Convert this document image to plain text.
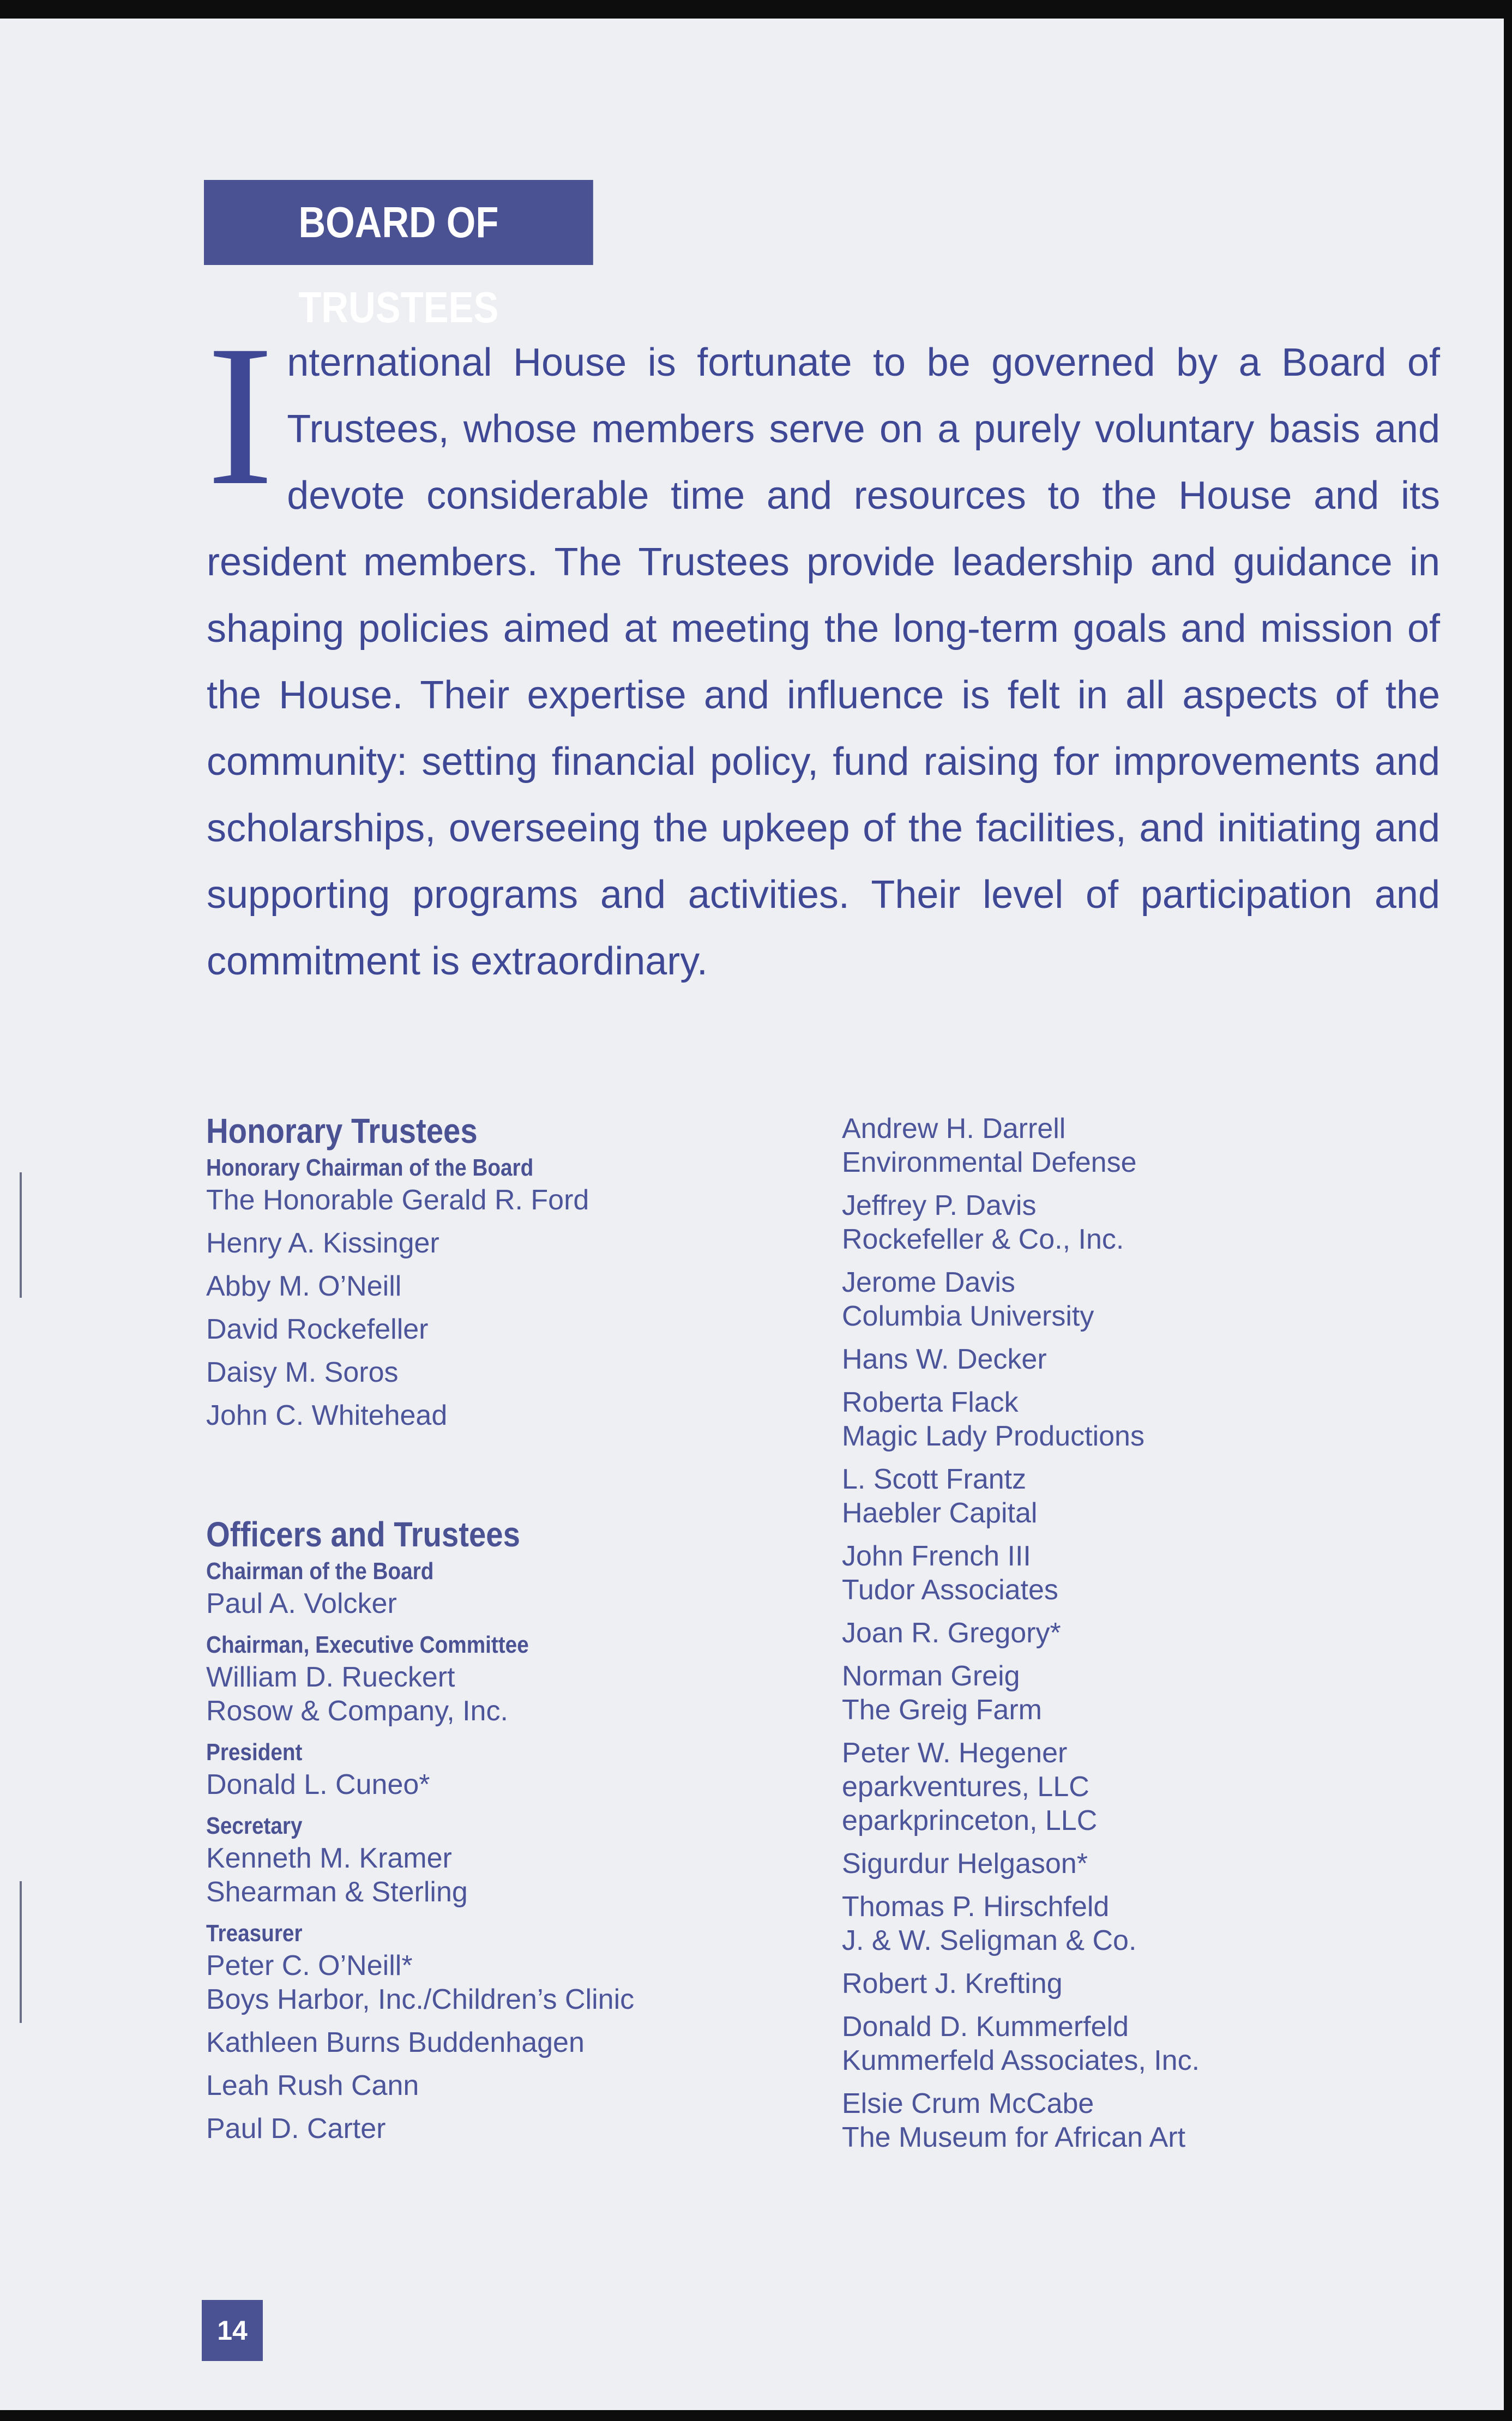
BOARD OF TRUSTEES
I nternational House is fortunate to be governed by a Board of Trustees, whose members serve on a purely voluntary basis and devote considerable time and resources to the House and its resident members. The Trustees provide leadership and guidance in shaping policies aimed at meeting the long-term goals and mission of the House. Their expertise and influence is felt in all aspects of the community: setting financial policy, fund raising for improvements and scholarships, overseeing the upkeep of the facilities, and initiating and supporting programs and activities. Their level of participation and commitment is extraordinary.
Honorary Trustees
Honorary Chairman of the Board
The Honorable Gerald R. Ford
Henry A. Kissinger
Abby M. O’Neill
David Rockefeller
Daisy M. Soros
John C. Whitehead
Officers and Trustees
Chairman of the Board
Paul A. Volcker
Chairman, Executive Committee
William D. Rueckert
Rosow & Company, Inc.
President
Donald L. Cuneo*
Secretary
Kenneth M. Kramer
Shearman & Sterling
Treasurer
Peter C. O’Neill*
Boys Harbor, Inc./Children’s Clinic
Kathleen Burns Buddenhagen
Leah Rush Cann
Paul D. Carter
Andrew H. Darrell
Environmental Defense
Jeffrey P. Davis
Rockefeller & Co., Inc.
Jerome Davis
Columbia University
Hans W. Decker
Roberta Flack
Magic Lady Productions
L. Scott Frantz
Haebler Capital
John French III
Tudor Associates
Joan R. Gregory*
Norman Greig
The Greig Farm
Peter W. Hegener
eparkventures, LLC
eparkprinceton, LLC
Sigurdur Helgason*
Thomas P. Hirschfeld
J. & W. Seligman & Co.
Robert J. Krefting
Donald D. Kummerfeld
Kummerfeld Associates, Inc.
Elsie Crum McCabe
The Museum for African Art
14
